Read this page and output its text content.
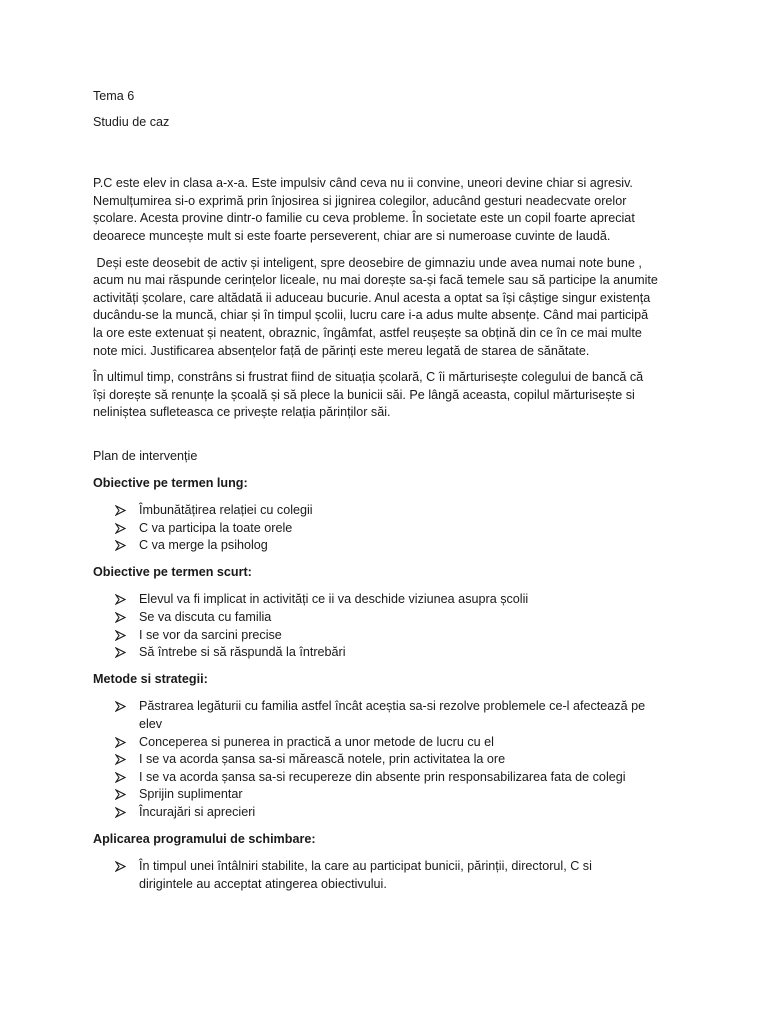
Tema 6

Studiu de caz

P.C este elev in clasa a-x-a. Este impulsiv când ceva nu ii convine, uneori devine chiar si agresiv.
Nemulțumirea si-o exprimă prin înjosirea si jignirea colegilor, aducând gesturi neadecvate orelor
școlare. Acesta provine dintr-o familie cu ceva probleme. În societate este un copil foarte apreciat
deoarece muncește mult si este foarte perseverent, chiar are si numeroase cuvinte de laudă.

Deși este deosebit de activ și inteligent, spre deosebire de gimnaziu unde avea numai note bune ,
acum nu mai răspunde cerințelor liceale, nu mai dorește sa-și facă temele sau să participe la anumite
activități școlare, care altădată ii aduceau bucurie. Anul acesta a optat sa își câștige singur existența
ducându-se la muncă, chiar și în timpul școlii, lucru care i-a adus multe absențe. Când mai participă
la ore este extenuat și neatent, obraznic, îngâmfat, astfel reușește sa obțină din ce în ce mai multe
note mici. Justificarea absențelor față de părinți este mereu legată de starea de sănătate.

În ultimul timp, constrâns si frustrat fiind de situația școlară, C îi mărturisește colegului de bancă că
își dorește să renunțe la școală și să plece la bunicii săi. Pe lângă aceasta, copilul mărturisește si
neliniștea sufleteasca ce privește relația părinților săi.

Plan de intervenție

Obiective pe termen lung:

Îmbunătățirea relației cu colegii
C va participa la toate orele
C va merge la psiholog

Obiective pe termen scurt:

Elevul va fi implicat in activități ce ii va deschide viziunea asupra școlii
Se va discuta cu familia
I se vor da sarcini precise
Să întrebe si să răspundă la întrebări

Metode si strategii:

Păstrarea legăturii cu familia astfel încât aceștia sa-si rezolve problemele ce-l afectează pe
elev
Conceperea si punerea in practică a unor metode de lucru cu el
I se va acorda șansa sa-si mărească notele, prin activitatea la ore
I se va acorda șansa sa-si recupereze din absente prin responsabilizarea fata de colegi
Sprijin suplimentar
Încurajări si aprecieri

Aplicarea programului de schimbare:

În timpul unei întâlniri stabilite, la care au participat bunicii, părinții, directorul, C si
dirigintele au acceptat atingerea obiectivului.
